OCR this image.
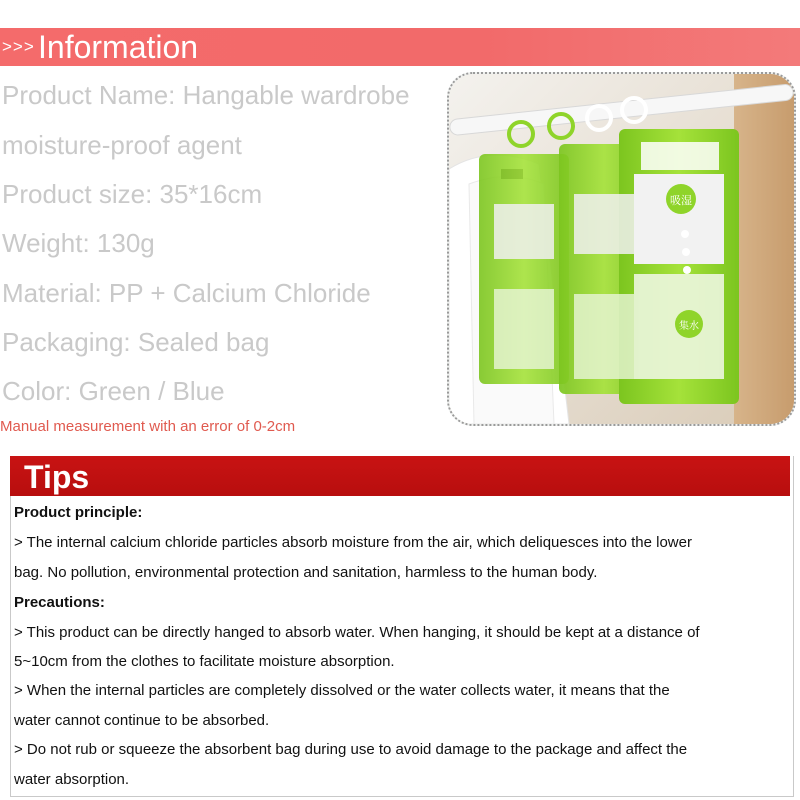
>>> Information
Product Name: Hangable wardrobe
moisture-proof agent
Product size: 35*16cm
Weight: 130g
Material: PP + Calcium Chloride
Packaging: Sealed bag
Color: Green / Blue
Manual measurement with an error of 0-2cm
吸湿
集水
Tips
Product principle:
> The internal calcium chloride particles absorb moisture from the air, which deliquesces into the lower
bag. No pollution, environmental protection and sanitation, harmless to the human body.
Precautions:
> This product can be directly hanged to absorb water. When hanging, it should be kept at a distance of
5~10cm from the clothes to facilitate moisture absorption.
> When the internal particles are completely dissolved or the water collects water, it means that the
water cannot continue to be absorbed.
> Do not rub or squeeze the absorbent bag during use to avoid damage to the package and affect the
water absorption.
